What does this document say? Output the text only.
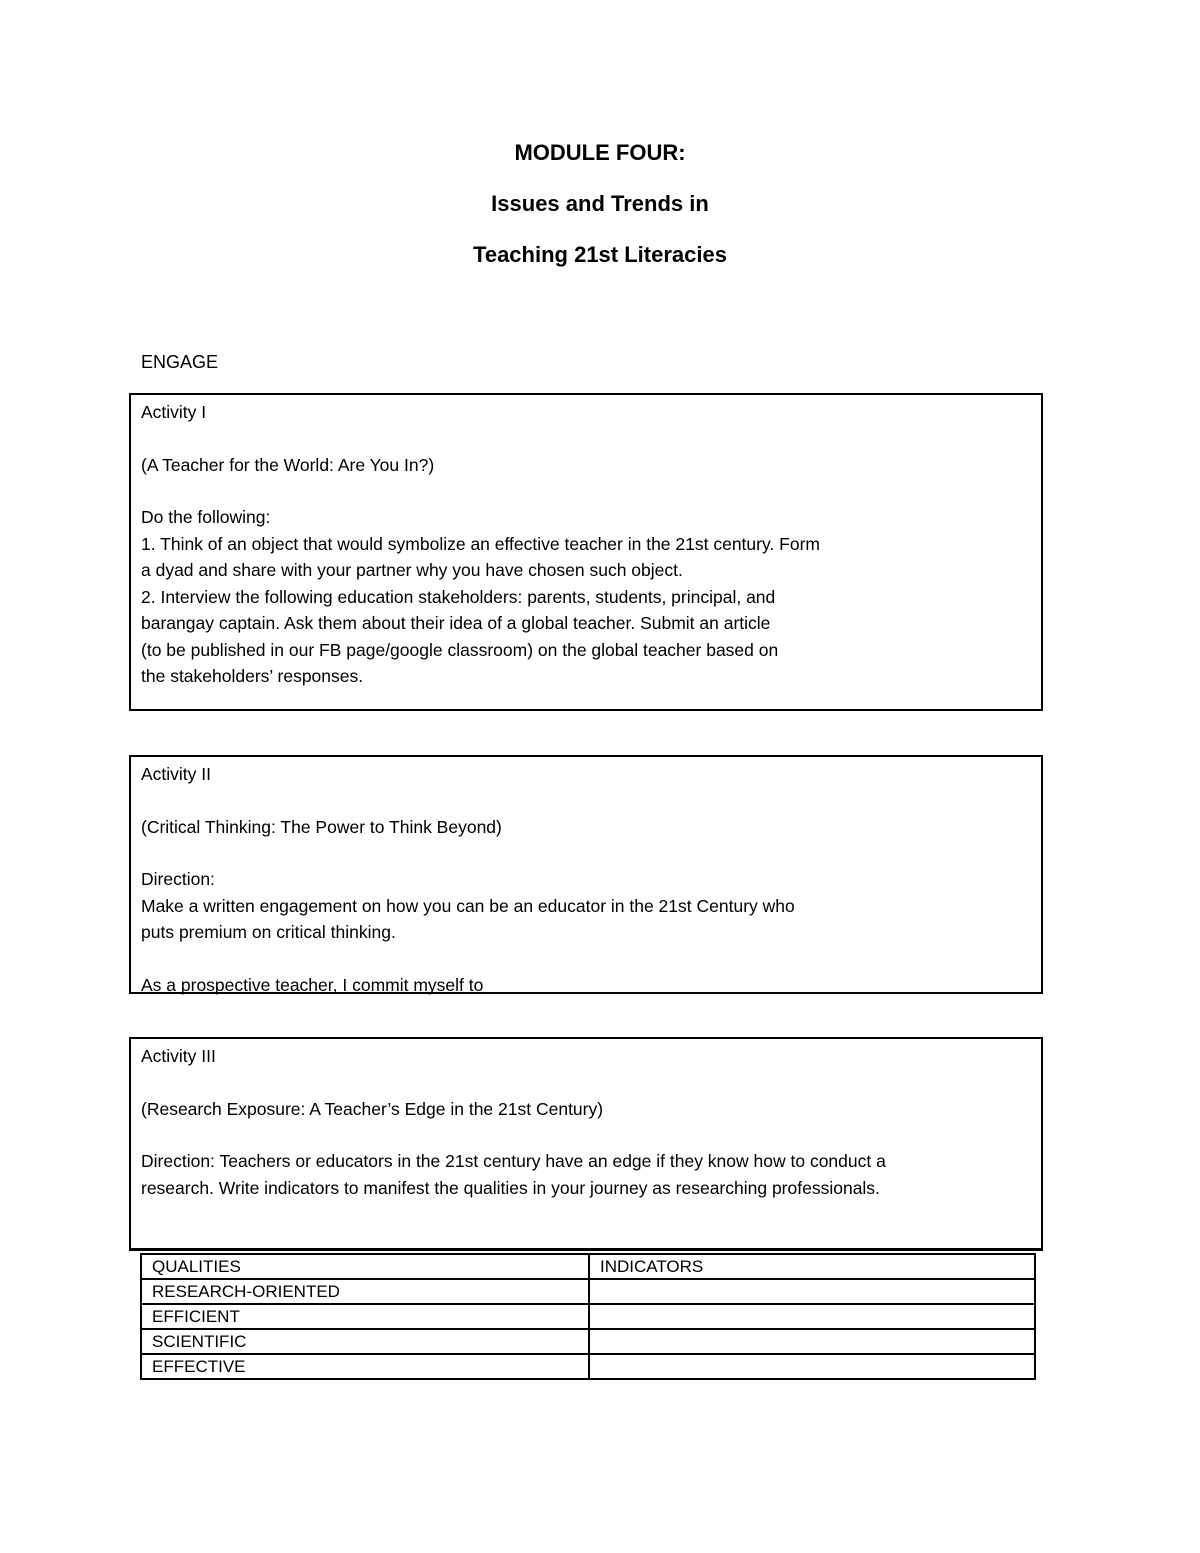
MODULE FOUR:
Issues and Trends in
Teaching 21st Literacies
ENGAGE

Activity I

(A Teacher for the World: Are You In?)

Do the following:

1. Think of an object that would symbolize an effective teacher in the 21st century. Form a dyad and share with your partner why you have chosen such object.

2. Interview the following education stakeholders: parents, students, principal, and barangay captain. Ask them about their idea of a global teacher. Submit an article (to be published in our FB page/google classroom) on the global teacher based on the stakeholders’ responses.

Activity II

(Critical Thinking: The Power to Think Beyond)

Direction:

Make a written engagement on how you can be an educator in the 21st Century who puts premium on critical thinking.

As a prospective teacher, I commit myself to

Activity III

(Research Exposure: A Teacher’s Edge in the 21st Century)

Direction: Teachers or educators in the 21st century have an edge if they know how to conduct a research. Write indicators to manifest the qualities in your journey as researching professionals.

QUALITIES	INDICATORS
RESEARCH-ORIENTED	
EFFICIENT	
SCIENTIFIC	
EFFECTIVE	
